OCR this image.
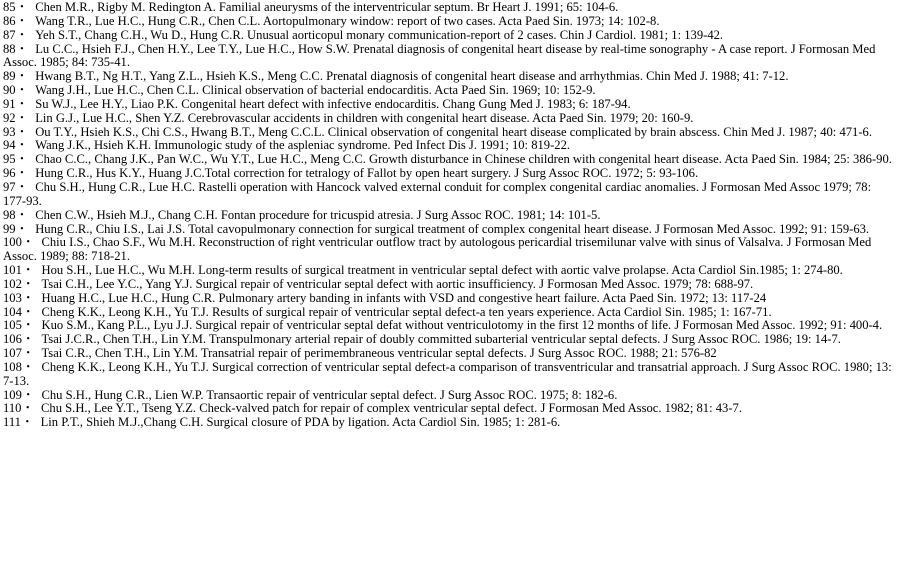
85・ Chen M.R., Rigby M. Redington A. Familial aneurysms of the interventricular septum. Br Heart J. 1991; 65: 104-6.
86・ Wang T.R., Lue H.C., Hung C.R., Chen C.L. Aortopulmonary window: report of two cases. Acta Paed Sin. 1973; 14: 102-8.
87・ Yeh S.T., Chang C.H., Wu D., Hung C.R. Unusual aorticopul monary communication-report of 2 cases. Chin J Cardiol. 1981; 1: 139-42.
88・ Lu C.C., Hsieh F.J., Chen H.Y., Lee T.Y., Lue H.C., How S.W. Prenatal diagnosis of congenital heart disease by real-time sonography - A case report. J Formosan Med Assoc. 1985; 84: 735-41.
89・ Hwang B.T., Ng H.T., Yang Z.L., Hsieh K.S., Meng C.C. Prenatal diagnosis of congenital heart disease and arrhythmias. Chin Med J. 1988; 41: 7-12.
90・ Wang J.H., Lue H.C., Chen C.L. Clinical observation of bacterial endocarditis. Acta Paed Sin. 1969; 10: 152-9.
91・ Su W.J., Lee H.Y., Liao P.K. Congenital heart defect with infective endocarditis. Chang Gung Med J. 1983; 6: 187-94.
92・ Lin G.J., Lue H.C., Shen Y.Z. Cerebrovascular accidents in children with congenital heart disease. Acta Paed Sin. 1979; 20: 160-9.
93・ Ou T.Y., Hsieh K.S., Chi C.S., Hwang B.T., Meng C.C.L. Clinical observation of congenital heart disease complicated by brain abscess. Chin Med J. 1987; 40: 471-6.
94・ Wang J.K., Hsieh K.H. Immunologic study of the aspleniac syndrome. Ped Infect Dis J. 1991; 10: 819-22.
95・ Chao C.C., Chang J.K., Pan W.C., Wu Y.T., Lue H.C., Meng C.C. Growth disturbance in Chinese children with congenital heart disease. Acta Paed Sin. 1984; 25: 386-90.
96・ Hung C.R., Hus K.Y., Huang J.C.Total correction for tetralogy of Fallot by open heart surgery. J Surg Assoc ROC. 1972; 5: 93-106.
97・ Chu S.H., Hung C.R., Lue H.C. Rastelli operation with Hancock valved external conduit for complex congenital cardiac anomalies. J Formosan Med Assoc 1979; 78: 177-93.
98・ Chen C.W., Hsieh M.J., Chang C.H. Fontan procedure for tricuspid atresia. J Surg Assoc ROC. 1981; 14: 101-5.
99・ Hung C.R., Chiu I.S., Lai J.S. Total cavopulmonary connection for surgical treatment of complex congenital heart disease. J Formosan Med Assoc. 1992; 91: 159-63.
100・ Chiu I.S., Chao S.F., Wu M.H. Reconstruction of right ventricular outflow tract by autologous pericardial trisemilunar valve with sinus of Valsalva. J Formosan Med Assoc. 1989; 88: 718-21.
101・ Hou S.H., Lue H.C., Wu M.H. Long-term results of surgical treatment in ventricular septal defect with aortic valve prolapse. Acta Cardiol Sin.1985; 1: 274-80.
102・ Tsai C.H., Lee Y.C., Yang Y.J. Surgical repair of ventricular septal defect with aortic insufficiency. J Formosan Med Assoc. 1979; 78: 688-97.
103・ Huang H.C., Lue H.C., Hung C.R. Pulmonary artery banding in infants with VSD and congestive heart failure. Acta Paed Sin. 1972; 13: 117-24
104・ Cheng K.K., Leong K.H., Yu T.J. Results of surgical repair of ventricular septal defect-a ten years experience. Acta Cardiol Sin. 1985; 1: 167-71.
105・ Kuo S.M., Kang P.L., Lyu J.J. Surgical repair of ventricular septal defat without ventriculotomy in the first 12 months of life. J Formosan Med Assoc. 1992; 91: 400-4.
106・ Tsai J.C.R., Chen T.H., Lin Y.M. Transpulmonary arterial repair of doubly committed subarterial ventricular septal defects. J Surg Assoc ROC. 1986; 19: 14-7.
107・ Tsai C.R., Chen T.H., Lin Y.M. Transatrial repair of perimembraneous ventricular septal defects. J Surg Assoc ROC. 1988; 21: 576-82
108・ Cheng K.K., Leong K.H., Yu T.J. Surgical correction of ventricular septal defect-a comparison of transventricular and transatrial approach. J Surg Assoc ROC. 1980; 13: 7-13.
109・ Chu S.H., Hung C.R., Lien W.P. Transaortic repair of ventricular septal defect. J Surg Assoc ROC. 1975; 8: 182-6.
110・ Chu S.H., Lee Y.T., Tseng Y.Z. Check-valved patch for repair of complex ventricular septal defect. J Formosan Med Assoc. 1982; 81: 43-7.
111・ Lin P.T., Shieh M.J.,Chang C.H. Surgical closure of PDA by ligation. Acta Cardiol Sin. 1985; 1: 281-6.
